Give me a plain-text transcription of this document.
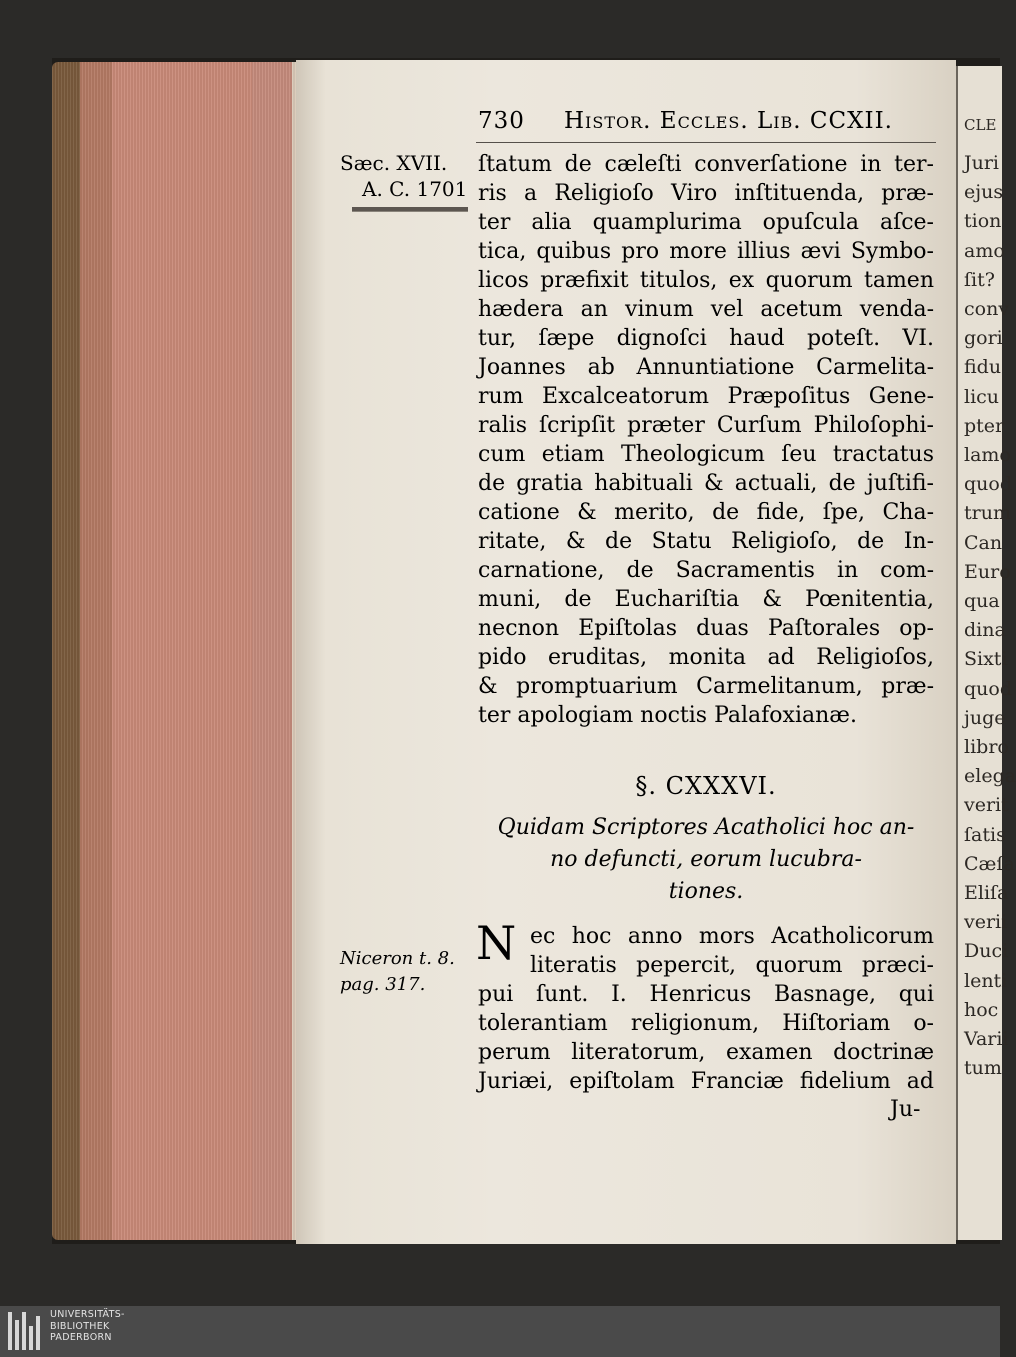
CLE
Juri
ejus
tion
amo
ſit?
conv
gori
fidu
licu
pter
lamo
quod
trum
Can
Euro
qua
dina
Sixti
quod
juge
libro
elega
verit
ſatis
Cæſa
Eliſa
verii
Duci
lenti
hoc
Varii
tum
730 Histor. Eccles. Lib. CCXII.
Sæc. XVII.
A. C. 1701
ſtatum de cæleſti converſatione in ter-
ris a Religioſo Viro inſtituenda, præ-
ter alia quamplurima opuſcula aſce-
tica, quibus pro more illius ævi Symbo-
licos præfixit titulos, ex quorum tamen
hædera an vinum vel acetum venda-
tur, ſæpe dignoſci haud poteſt. VI.
Joannes ab Annuntiatione Carmelita-
rum Excalceatorum Præpoſitus Gene-
ralis ſcripſit præter Curſum Philoſophi-
cum etiam Theologicum ſeu tractatus
de gratia habituali & actuali, de juſtifi-
catione & merito, de fide, ſpe, Cha-
ritate, & de Statu Religioſo, de In-
carnatione, de Sacramentis in com-
muni, de Euchariſtia & Pœnitentia,
necnon Epiſtolas duas Paſtorales op-
pido eruditas, monita ad Religioſos,
& promptuarium Carmelitanum, præ-
ter apologiam noctis Palafoxianæ.
§. CXXXVI.
Quidam Scriptores Acatholici hoc an-
no defuncti, eorum lucubra-
tiones.
Niceron t. 8.
pag. 317.
N ec hoc anno mors Acatholicorum
literatis pepercit, quorum præci-
pui ſunt. I. Henricus Basnage, qui
tolerantiam religionum, Hiſtoriam o-
perum literatorum, examen doctrinæ
Juriæi, epiſtolam Franciæ fidelium ad
Ju-
UNIVERSITÄTS-
BIBLIOTHEK
PADERBORN
